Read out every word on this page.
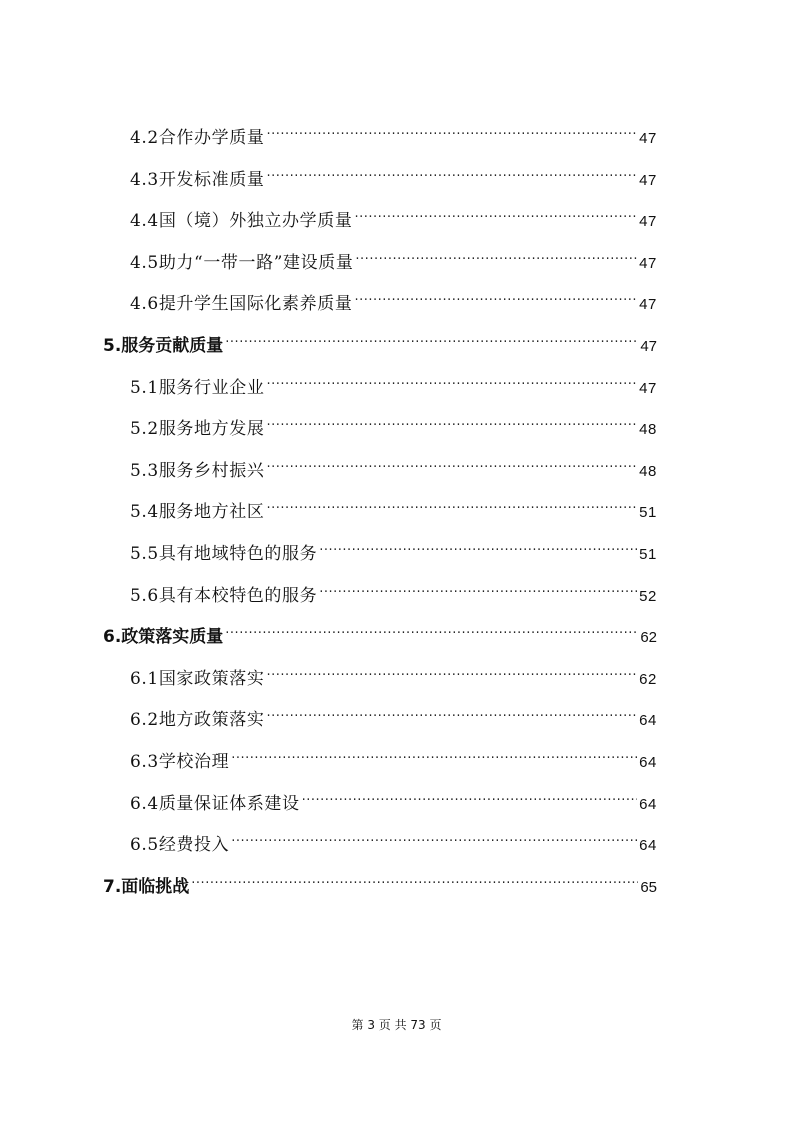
4.2合作办学质量 .....	47
4.3开发标准质量 .....	47
4.4国（境）外独立办学质量 .....	47
4.5助力“一带一路”建设质量 .....	47
4.6提升学生国际化素养质量 .....	47
5.服务贡献质量 .....	47
5.1服务行业企业 .....	47
5.2服务地方发展 .....	48
5.3服务乡村振兴 .....	48
5.4服务地方社区 .....	51
5.5具有地域特色的服务 .....	51
5.6具有本校特色的服务 .....	52
6.政策落实质量 .....	62
6.1国家政策落实 .....	62
6.2地方政策落实 .....	64
6.3学校治理 .....	64
6.4质量保证体系建设 .....	64
6.5经费投入 .....	64
7.面临挑战 .....	65
第 3 页 共 73 页
